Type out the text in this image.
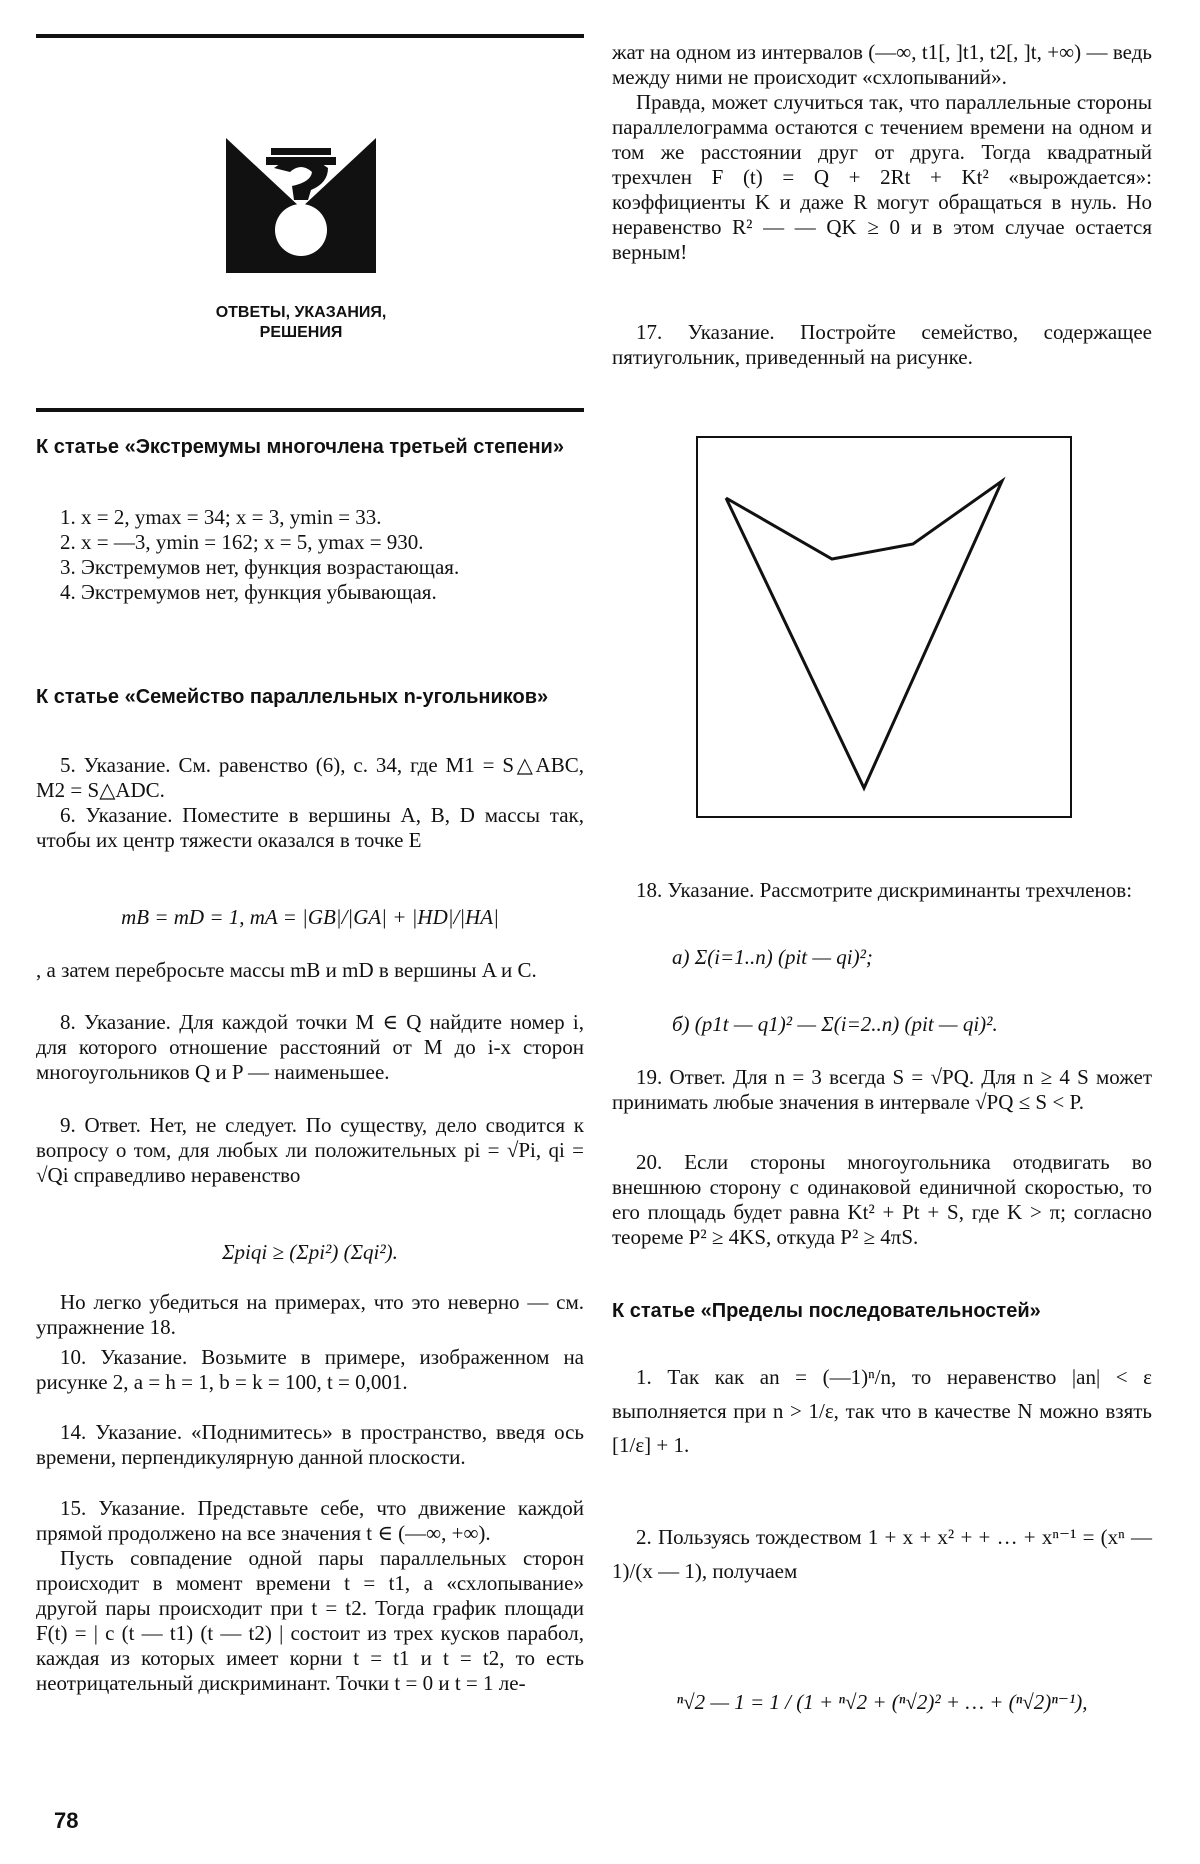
ОТВЕТЫ, УКАЗАНИЯ, РЕШЕНИЯ
К статье «Экстремумы многочлена третьей степени»

1. x = 2, ymax = 34; x = 3, ymin = 33.

2. x = —3, ymin = 162; x = 5, ymax = 930.

3. Экстремумов нет, функция возрастающая.

4. Экстремумов нет, функция убывающая.

К статье «Семейство параллельных n-угольников»

5. Указание. См. равенство (6), с. 34, где M1 = S△ABC, M2 = S△ADC.

6. Указание. Поместите в вершины A, B, D массы так, чтобы их центр тяжести оказался в точке E

mB = mD = 1, mA = |GB|/|GA| + |HD|/|HA|

, а затем перебросьте массы mB и mD в вершины A и C.

8. Указание. Для каждой точки M ∈ Q найдите номер i, для которого отношение расстояний от M до i-х сторон многоугольников Q и P — наименьшее.

9. Ответ. Нет, не следует. По существу, дело сводится к вопросу о том, для любых ли положительных pi = √Pi, qi = √Qi справедливо неравенство

Σpiqi ≥ (Σpi²) (Σqi²).

Но легко убедиться на примерах, что это неверно — см. упражнение 18.

10. Указание. Возьмите в примере, изображенном на рисунке 2, a = h = 1, b = k = 100, t = 0,001.

14. Указание. «Поднимитесь» в пространство, введя ось времени, перпендикулярную данной плоскости.

15. Указание. Представьте себе, что движение каждой прямой продолжено на все значения t ∈ (—∞, +∞).

Пусть совпадение одной пары параллельных сторон происходит в момент времени t = t1, а «схлопывание» другой пары происходит при t = t2. Тогда график площади F(t) = | c (t — t1) (t — t2) | состоит из трех кусков парабол, каждая из которых имеет корни t = t1 и t = t2, то есть неотрицательный дискриминант. Точки t = 0 и t = 1 ле-

78

жат на одном из интервалов (—∞, t1[, ]t1, t2[, ]t, +∞) — ведь между ними не происходит «схлопываний».

Правда, может случиться так, что параллельные стороны параллелограмма остаются с течением времени на одном и том же расстоянии друг от друга. Тогда квадратный трехчлен F (t) = Q + 2Rt + Kt² «вырождается»: коэффициенты K и даже R могут обращаться в нуль. Но неравенство R² — — QK ≥ 0 и в этом случае остается верным!

17. Указание. Постройте семейство, содержащее пятиугольник, приведенный на рисунке.

18. Указание. Рассмотрите дискриминанты трехчленов:

а) Σ(i=1..n) (pit — qi)²;
б) (p1t — q1)² — Σ(i=2..n) (pit — qi)².

19. Ответ. Для n = 3 всегда S = √PQ. Для n ≥ 4 S может принимать любые значения в интервале √PQ ≤ S < P.

20. Если стороны многоугольника отодвигать во внешнюю сторону с одинаковой единичной скоростью, то его площадь будет равна Kt² + Pt + S, где K > π; согласно теореме P² ≥ 4KS, откуда P² ≥ 4πS.

К статье «Пределы последовательностей»

1. Так как an = (—1)ⁿ/n, то неравенство |an| < ε выполняется при n > 1/ε, так что в качестве N можно взять [1/ε] + 1.

2. Пользуясь тождеством 1 + x + x² + + … + xⁿ⁻¹ = (xⁿ — 1)/(x — 1), получаем

ⁿ√2 — 1 = 1 / (1 + ⁿ√2 + (ⁿ√2)² + … + (ⁿ√2)ⁿ⁻¹),
